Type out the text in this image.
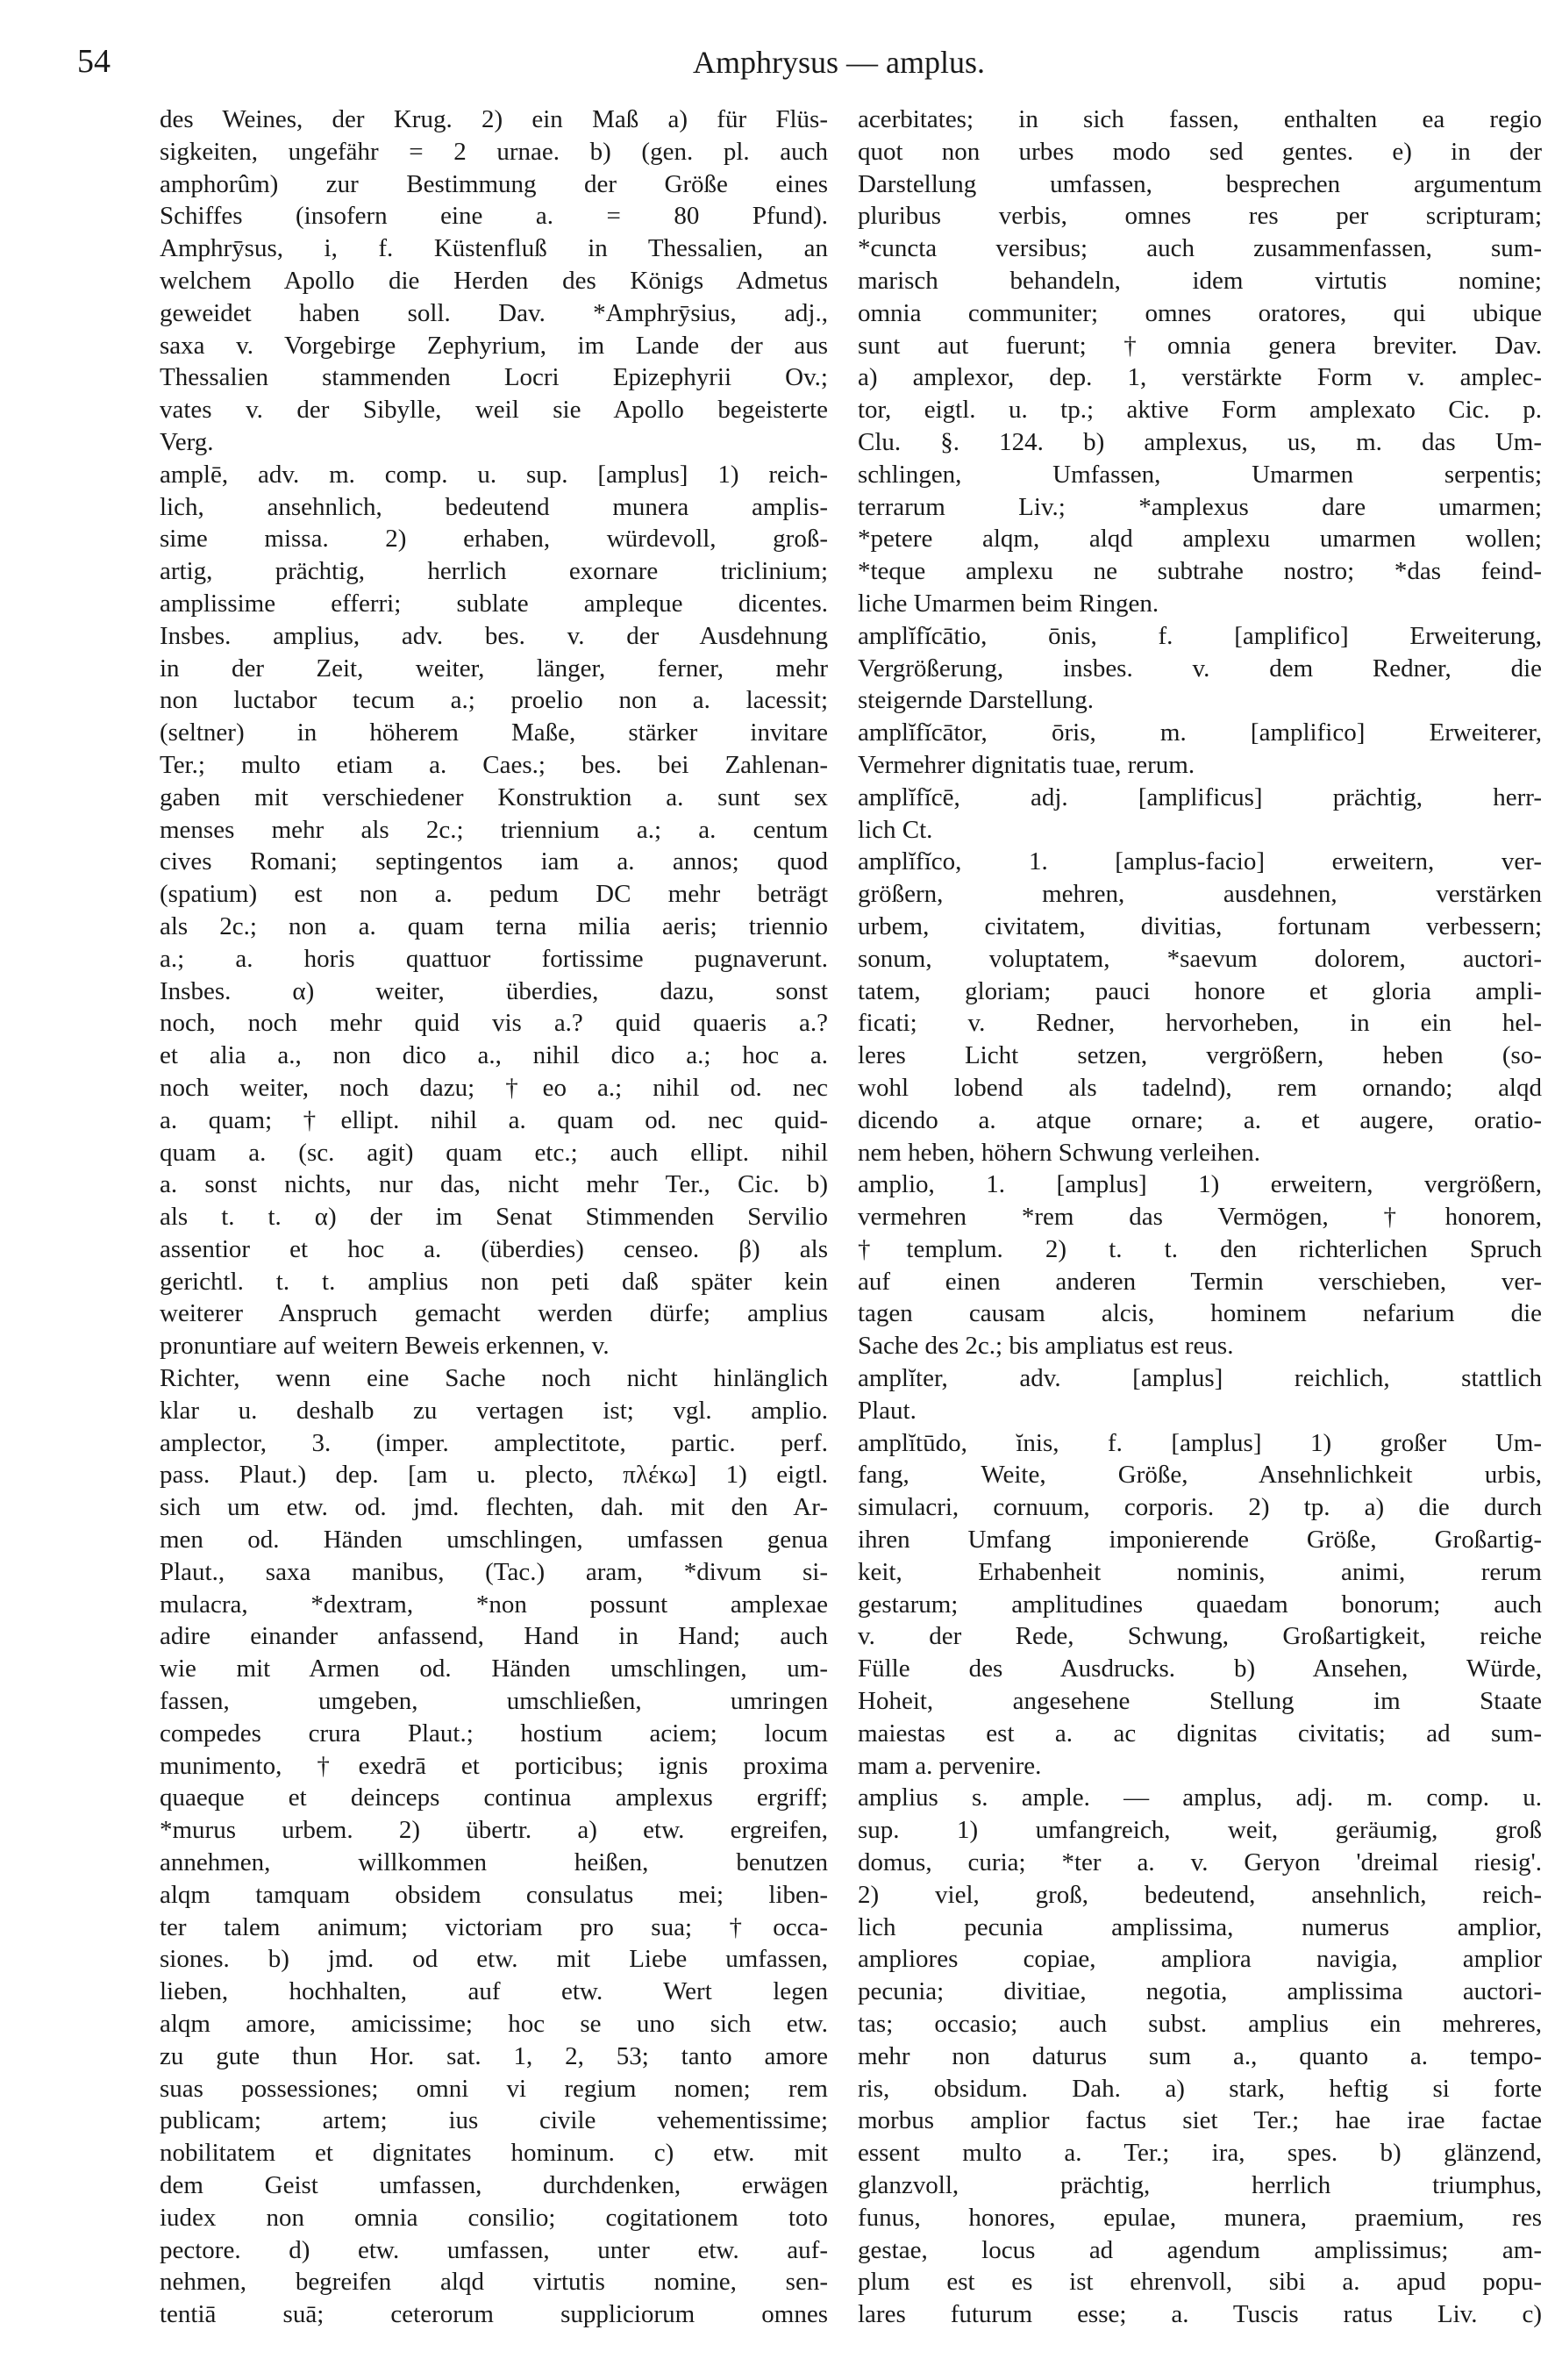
54	Amphrysus — amplus.
des Weines, der Krug. 2) ein Maß a) für Flüs-
sigkeiten, ungefähr = 2 urnae. b) (gen. pl. auch
amphorûm) zur Bestimmung der Größe eines
Schiffes (insofern eine a. = 80 Pfund).
Amphrȳsus, i, f. Küstenfluß in Thessalien, an
welchem Apollo die Herden des Königs Admetus
geweidet haben soll. Dav. *Amphrȳsius, adj.,
saxa v. Vorgebirge Zephyrium, im Lande der aus
Thessalien stammenden Locri Epizephyrii Ov.;
vates v. der Sibylle, weil sie Apollo begeisterte
Verg.
amplē, adv. m. comp. u. sup. [amplus] 1) reich-
lich, ansehnlich, bedeutend munera amplis-
sime missa. 2) erhaben, würdevoll, groß-
artig, prächtig, herrlich exornare triclinium;
amplissime efferri; sublate ampleque dicentes.
Insbes. amplius, adv. bes. v. der Ausdehnung
in der Zeit, weiter, länger, ferner, mehr
non luctabor tecum a.; proelio non a. lacessit;
(seltner) in höherem Maße, stärker invitare
Ter.; multo etiam a. Caes.; bes. bei Zahlenan-
gaben mit verschiedener Konstruktion a. sunt sex
menses mehr als 2c.; triennium a.; a. centum
cives Romani; septingentos iam a. annos; quod
(spatium) est non a. pedum DC mehr beträgt
als 2c.; non a. quam terna milia aeris; triennio
a.; a. horis quattuor fortissime pugnaverunt.
Insbes. α) weiter, überdies, dazu, sonst
noch, noch mehr quid vis a.? quid quaeris a.?
et alia a., non dico a., nihil dico a.; hoc a.
noch weiter, noch dazu; †eo a.; nihil od. nec
a. quam; †ellipt. nihil a. quam od. nec quid-
quam a. (sc. agit) quam etc.; auch ellipt. nihil
a. sonst nichts, nur das, nicht mehr Ter., Cic. b)
als t. t. α) der im Senat Stimmenden Servilio
assentior et hoc a. (überdies) censeo. β) als
gerichtl. t. t. amplius non peti daß später kein
weiterer Anspruch gemacht werden dürfe; amplius
pronuntiare auf weitern Beweis erkennen, v.
Richter, wenn eine Sache noch nicht hinlänglich
klar u. deshalb zu vertagen ist; vgl. amplio.
amplector, 3. (imper. amplectitote, partic. perf.
pass. Plaut.) dep. [am u. plecto, πλέκω] 1) eigtl.
sich um etw. od. jmd. flechten, dah. mit den Ar-
men od. Händen umschlingen, umfassen genua
Plaut., saxa manibus, (Tac.) aram, *divum si-
mulacra, *dextram, *non possunt amplexae
adire einander anfassend, Hand in Hand; auch
wie mit Armen od. Händen umschlingen, um-
fassen, umgeben, umschließen, umringen
compedes crura Plaut.; hostium aciem; locum
munimento, †exedrā et porticibus; ignis proxima
quaeque et deinceps continua amplexus ergriff;
*murus urbem. 2) übertr. a) etw. ergreifen,
annehmen, willkommen heißen, benutzen
alqm tamquam obsidem consulatus mei; liben-
ter talem animum; victoriam pro sua; †occa-
siones. b) jmd. od etw. mit Liebe umfassen,
lieben, hochhalten, auf etw. Wert legen
alqm amore, amicissime; hoc se uno sich etw.
zu gute thun Hor. sat. 1, 2, 53; tanto amore
suas possessiones; omni vi regium nomen; rem
publicam; artem; ius civile vehementissime;
nobilitatem et dignitates hominum. c) etw. mit
dem Geist umfassen, durchdenken, erwägen
iudex non omnia consilio; cogitationem toto
pectore. d) etw. umfassen, unter etw. auf-
nehmen, begreifen alqd virtutis nomine, sen-
tentiā suā; ceterorum suppliciorum omnes
acerbitates; in sich fassen, enthalten ea regio
quot non urbes modo sed gentes. e) in der
Darstellung umfassen, besprechen argumentum
pluribus verbis, omnes res per scripturam;
*cuncta versibus; auch zusammenfassen, sum-
marisch behandeln, idem virtutis nomine;
omnia communiter; omnes oratores, qui ubique
sunt aut fuerunt; †omnia genera breviter. Dav.
a) amplexor, dep. 1, verstärkte Form v. amplec-
tor, eigtl. u. tp.; aktive Form amplexato Cic. p.
Clu. §. 124. b) amplexus, us, m. das Um-
schlingen, Umfassen, Umarmen serpentis;
terrarum Liv.; *amplexus dare umarmen;
*petere alqm, alqd amplexu umarmen wollen;
*teque amplexu ne subtrahe nostro; *das feind-
liche Umarmen beim Ringen.
amplĭfĭcātio, ōnis, f. [amplifico] Erweiterung,
Vergrößerung, insbes. v. dem Redner, die
steigernde Darstellung.
amplĭfĭcātor, ōris, m. [amplifico] Erweiterer,
Vermehrer dignitatis tuae, rerum.
amplĭfĭcē, adj. [amplificus] prächtig, herr-
lich Ct.
amplĭfĭco, 1. [amplus-facio] erweitern, ver-
größern, mehren, ausdehnen, verstärken
urbem, civitatem, divitias, fortunam verbessern;
sonum, voluptatem, *saevum dolorem, auctori-
tatem, gloriam; pauci honore et gloria ampli-
ficati; v. Redner, hervorheben, in ein hel-
leres Licht setzen, vergrößern, heben (so-
wohl lobend als tadelnd), rem ornando; alqd
dicendo a. atque ornare; a. et augere, oratio-
nem heben, höhern Schwung verleihen.
amplio, 1. [amplus] 1) erweitern, vergrößern,
vermehren *rem das Vermögen, †honorem,
†templum. 2) t. t. den richterlichen Spruch
auf einen anderen Termin verschieben, ver-
tagen causam alcis, hominem nefarium die
Sache des 2c.; bis ampliatus est reus.
amplĭter, adv. [amplus] reichlich, stattlich
Plaut.
amplĭtūdo, ĭnis, f. [amplus] 1) großer Um-
fang, Weite, Größe, Ansehnlichkeit urbis,
simulacri, cornuum, corporis. 2) tp. a) die durch
ihren Umfang imponierende Größe, Großartig-
keit, Erhabenheit nominis, animi, rerum
gestarum; amplitudines quaedam bonorum; auch
v. der Rede, Schwung, Großartigkeit, reiche
Fülle des Ausdrucks. b) Ansehen, Würde,
Hoheit, angesehene Stellung im Staate
maiestas est a. ac dignitas civitatis; ad sum-
mam a. pervenire.
amplius s. ample. — amplus, adj. m. comp. u.
sup. 1) umfangreich, weit, geräumig, groß
domus, curia; *ter a. v. Geryon 'dreimal riesig'.
2) viel, groß, bedeutend, ansehnlich, reich-
lich pecunia amplissima, numerus amplior,
ampliores copiae, ampliora navigia, amplior
pecunia; divitiae, negotia, amplissima auctori-
tas; occasio; auch subst. amplius ein mehreres,
mehr non daturus sum a., quanto a. tempo-
ris, obsidum. Dah. a) stark, heftig si forte
morbus amplior factus siet Ter.; hae irae factae
essent multo a. Ter.; ira, spes. b) glänzend,
glanzvoll, prächtig, herrlich triumphus,
funus, honores, epulae, munera, praemium, res
gestae, locus ad agendum amplissimus; am-
plum est es ist ehrenvoll, sibi a. apud popu-
lares futurum esse; a. Tuscis ratus Liv. c)
